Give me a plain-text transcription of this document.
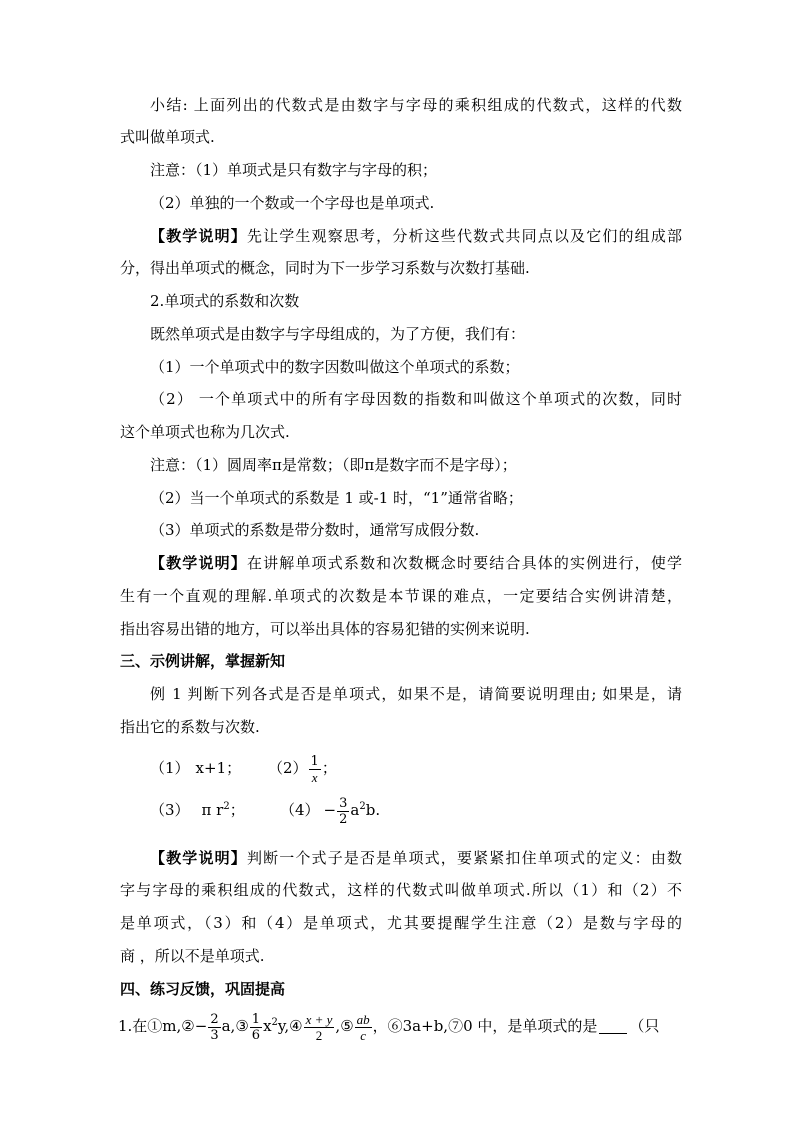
小结: 上面列出的代数式是由数字与字母的乘积组成的代数式，这样的代数
式叫做单项式.
注意：（1）单项式是只有数字与字母的积；
（2）单独的一个数或一个字母也是单项式.
【教学说明】先让学生观察思考，分析这些代数式共同点以及它们的组成部
分，得出单项式的概念，同时为下一步学习系数与次数打基础.
2.单项式的系数和次数
既然单项式是由数字与字母组成的，为了方便，我们有：
（1）一个单项式中的数字因数叫做这个单项式的系数；
（2） 一个单项式中的所有字母因数的指数和叫做这个单项式的次数，同时
这个单项式也称为几次式.
注意：（1）圆周率π是常数；（即π是数字而不是字母）；
（2）当一个单项式的系数是 1 或-1 时，“1”通常省略；
（3）单项式的系数是带分数时，通常写成假分数.
【教学说明】在讲解单项式系数和次数概念时要结合具体的实例进行，使学
生有一个直观的理解.单项式的次数是本节课的难点，一定要结合实例讲清楚，
指出容易出错的地方，可以举出具体的容易犯错的实例来说明.
三、示例讲解，掌握新知
例 1 判断下列各式是否是单项式，如果不是，请简要说明理由; 如果是，请
指出它的系数与次数.
（1） x+1； $(2) \frac{1}{x}$ ；
（3） π $r^2$； $(4) - \frac{3}{2} a^2b$.
【教学说明】判断一个式子是否是单项式，要紧紧扣住单项式的定义：由数
字与字母的乘积组成的代数式，这样的代数式叫做单项式.所以（1）和（2）不
是单项式，（3）和（4）是单项式，尤其要提醒学生注意（2）是数与字母的
商 ，所以不是单项式.
四、练习反馈，巩固提高
1.在①m,②− $\frac{2}{3}$ a,③ $\frac{1}{6}$ $x^2y,④ \frac{x + y}{2}$ ,⑤ $\frac{ab}{c}$ ，⑥3a+b,⑦0 中，是单项式的是 （只
